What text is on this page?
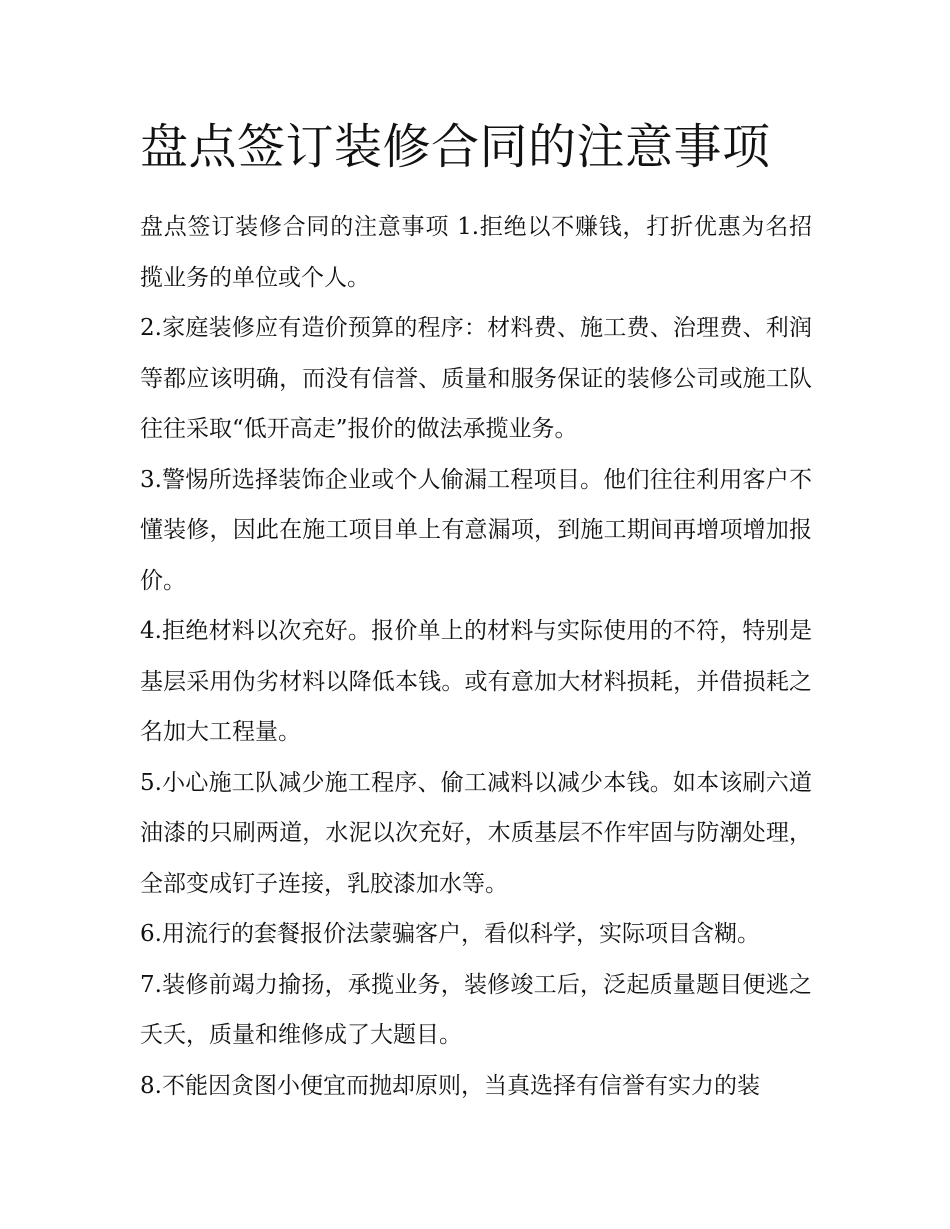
盘点签订装修合同的注意事项

盘点签订装修合同的注意事项 1.拒绝以不赚钱，打折优惠为名招揽业务的单位或个人。

2.家庭装修应有造价预算的程序：材料费、施工费、治理费、利润等都应该明确，而没有信誉、质量和服务保证的装修公司或施工队往往采取“低开高走”报价的做法承揽业务。

3.警惕所选择装饰企业或个人偷漏工程项目。他们往往利用客户不懂装修，因此在施工项目单上有意漏项，到施工期间再增项增加报价。

4.拒绝材料以次充好。报价单上的材料与实际使用的不符，特别是基层采用伪劣材料以降低本钱。或有意加大材料损耗，并借损耗之名加大工程量。

5.小心施工队减少施工程序、偷工减料以减少本钱。如本该刷六道油漆的只刷两道，水泥以次充好，木质基层不作牢固与防潮处理，全部变成钉子连接，乳胶漆加水等。

6.用流行的套餐报价法蒙骗客户，看似科学，实际项目含糊。

7.装修前竭力揄扬，承揽业务，装修竣工后，泛起质量题目便逃之夭夭，质量和维修成了大题目。

8.不能因贪图小便宜而抛却原则，当真选择有信誉有实力的装
